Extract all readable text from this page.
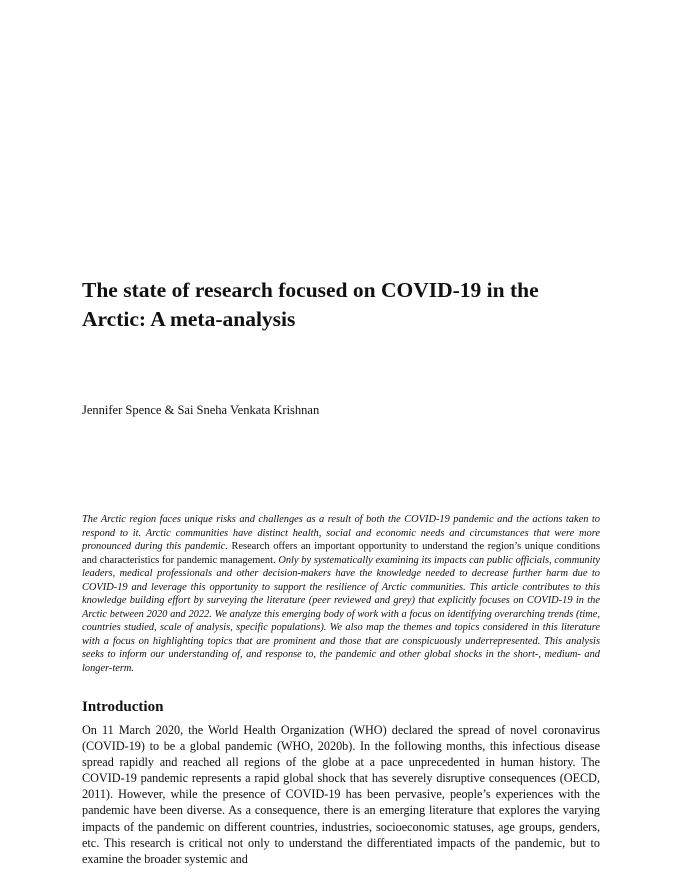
The state of research focused on COVID-19 in the Arctic: A meta-analysis
Jennifer Spence & Sai Sneha Venkata Krishnan

The Arctic region faces unique risks and challenges as a result of both the COVID-19 pandemic and the actions taken to respond to it. Arctic communities have distinct health, social and economic needs and circumstances that were more pronounced during this pandemic. Research offers an important opportunity to understand the region’s unique conditions and characteristics for pandemic management. Only by systematically examining its impacts can public officials, community leaders, medical professionals and other decision-makers have the knowledge needed to decrease further harm due to COVID-19 and leverage this opportunity to support the resilience of Arctic communities. This article contributes to this knowledge building effort by surveying the literature (peer reviewed and grey) that explicitly focuses on COVID-19 in the Arctic between 2020 and 2022. We analyze this emerging body of work with a focus on identifying overarching trends (time, countries studied, scale of analysis, specific populations). We also map the themes and topics considered in this literature with a focus on highlighting topics that are prominent and those that are conspicuously underrepresented. This analysis seeks to inform our understanding of, and response to, the pandemic and other global shocks in the short-, medium- and longer-term.

Introduction

On 11 March 2020, the World Health Organization (WHO) declared the spread of novel coronavirus (COVID-19) to be a global pandemic (WHO, 2020b). In the following months, this infectious disease spread rapidly and reached all regions of the globe at a pace unprecedented in human history. The COVID-19 pandemic represents a rapid global shock that has severely disruptive consequences (OECD, 2011). However, while the presence of COVID-19 has been pervasive, people’s experiences with the pandemic have been diverse. As a consequence, there is an emerging literature that explores the varying impacts of the pandemic on different countries, industries, socioeconomic statuses, age groups, genders, etc. This research is critical not only to understand the differentiated impacts of the pandemic, but to examine the broader systemic and
